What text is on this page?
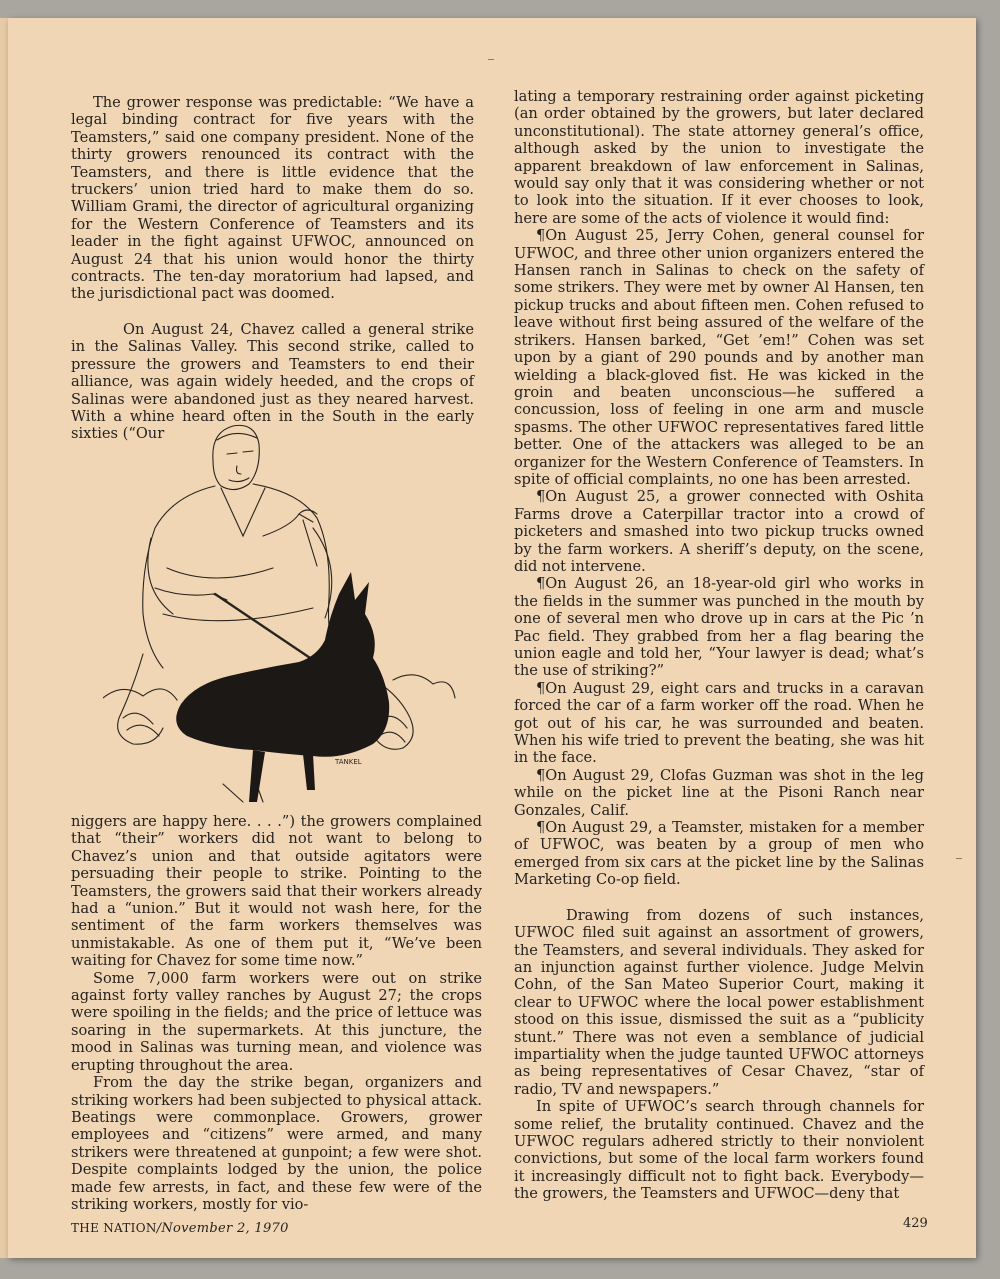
The grower response was predictable: “We have a legal binding contract for five years with the Teamsters,” said one company president. None of the thirty growers renounced its contract with the Teamsters, and there is little evidence that the truckers’ union tried hard to make them do so. William Grami, the director of agricultural organizing for the Western Conference of Teamsters and its leader in the fight against UFWOC, announced on August 24 that his union would honor the thirty contracts. The ten-day moratorium had lapsed, and the jurisdictional pact was doomed.

On August 24, Chavez called a general strike in the Salinas Valley. This second strike, called to pressure the growers and Teamsters to end their alliance, was again widely heeded, and the crops of Salinas were abandoned just as they neared harvest. With a whine heard often in the South in the early sixties (“Our

TANKEL

niggers are happy here. . . .”) the growers complained that “their” workers did not want to belong to Chavez’s union and that outside agitators were persuading their people to strike. Pointing to the Teamsters, the growers said that their workers already had a “union.” But it would not wash here, for the sentiment of the farm workers themselves was unmistakable. As one of them put it, “We’ve been waiting for Chavez for some time now.”

Some 7,000 farm workers were out on strike against forty valley ranches by August 27; the crops were spoiling in the fields; and the price of lettuce was soaring in the supermarkets. At this juncture, the mood in Salinas was turning mean, and violence was erupting throughout the area.

From the day the strike began, organizers and striking workers had been subjected to physical attack. Beatings were commonplace. Growers, grower employees and “citizens” were armed, and many strikers were threatened at gunpoint; a few were shot. Despite complaints lodged by the union, the police made few arrests, in fact, and these few were of the striking workers, mostly for vio-

lating a temporary restraining order against picketing (an order obtained by the growers, but later declared unconstitutional). The state attorney general’s office, although asked by the union to investigate the apparent breakdown of law enforcement in Salinas, would say only that it was considering whether or not to look into the situation. If it ever chooses to look, here are some of the acts of violence it would find:

¶On August 25, Jerry Cohen, general counsel for UFWOC, and three other union organizers entered the Hansen ranch in Salinas to check on the safety of some strikers. They were met by owner Al Hansen, ten pickup trucks and about fifteen men. Cohen refused to leave without first being assured of the welfare of the strikers. Hansen barked, “Get ’em!” Cohen was set upon by a giant of 290 pounds and by another man wielding a black-gloved fist. He was kicked in the groin and beaten unconscious—he suffered a concussion, loss of feeling in one arm and muscle spasms. The other UFWOC representatives fared little better. One of the attackers was alleged to be an organizer for the Western Conference of Teamsters. In spite of official complaints, no one has been arrested.

¶On August 25, a grower connected with Oshita Farms drove a Caterpillar tractor into a crowd of picketers and smashed into two pickup trucks owned by the farm workers. A sheriff’s deputy, on the scene, did not intervene.

¶On August 26, an 18-year-old girl who works in the fields in the summer was punched in the mouth by one of several men who drove up in cars at the Pic ’n Pac field. They grabbed from her a flag bearing the union eagle and told her, “Your lawyer is dead; what’s the use of striking?”

¶On August 29, eight cars and trucks in a caravan forced the car of a farm worker off the road. When he got out of his car, he was surrounded and beaten. When his wife tried to prevent the beating, she was hit in the face.

¶On August 29, Clofas Guzman was shot in the leg while on the picket line at the Pisoni Ranch near Gonzales, Calif.

¶On August 29, a Teamster, mistaken for a member of UFWOC, was beaten by a group of men who emerged from six cars at the picket line by the Salinas Marketing Co-op field.

Drawing from dozens of such instances, UFWOC filed suit against an assortment of growers, the Teamsters, and several individuals. They asked for an injunction against further violence. Judge Melvin Cohn, of the San Mateo Superior Court, making it clear to UFWOC where the local power establishment stood on this issue, dismissed the suit as a “publicity stunt.” There was not even a semblance of judicial impartiality when the judge taunted UFWOC attorneys as being representatives of Cesar Chavez, “star of radio, TV and newspapers.”

In spite of UFWOC’s search through channels for some relief, the brutality continued. Chavez and the UFWOC regulars adhered strictly to their nonviolent convictions, but some of the local farm workers found it increasingly difficult not to fight back. Everybody—the growers, the Teamsters and UFWOC—deny that

THE NATION/November 2, 1970	429
